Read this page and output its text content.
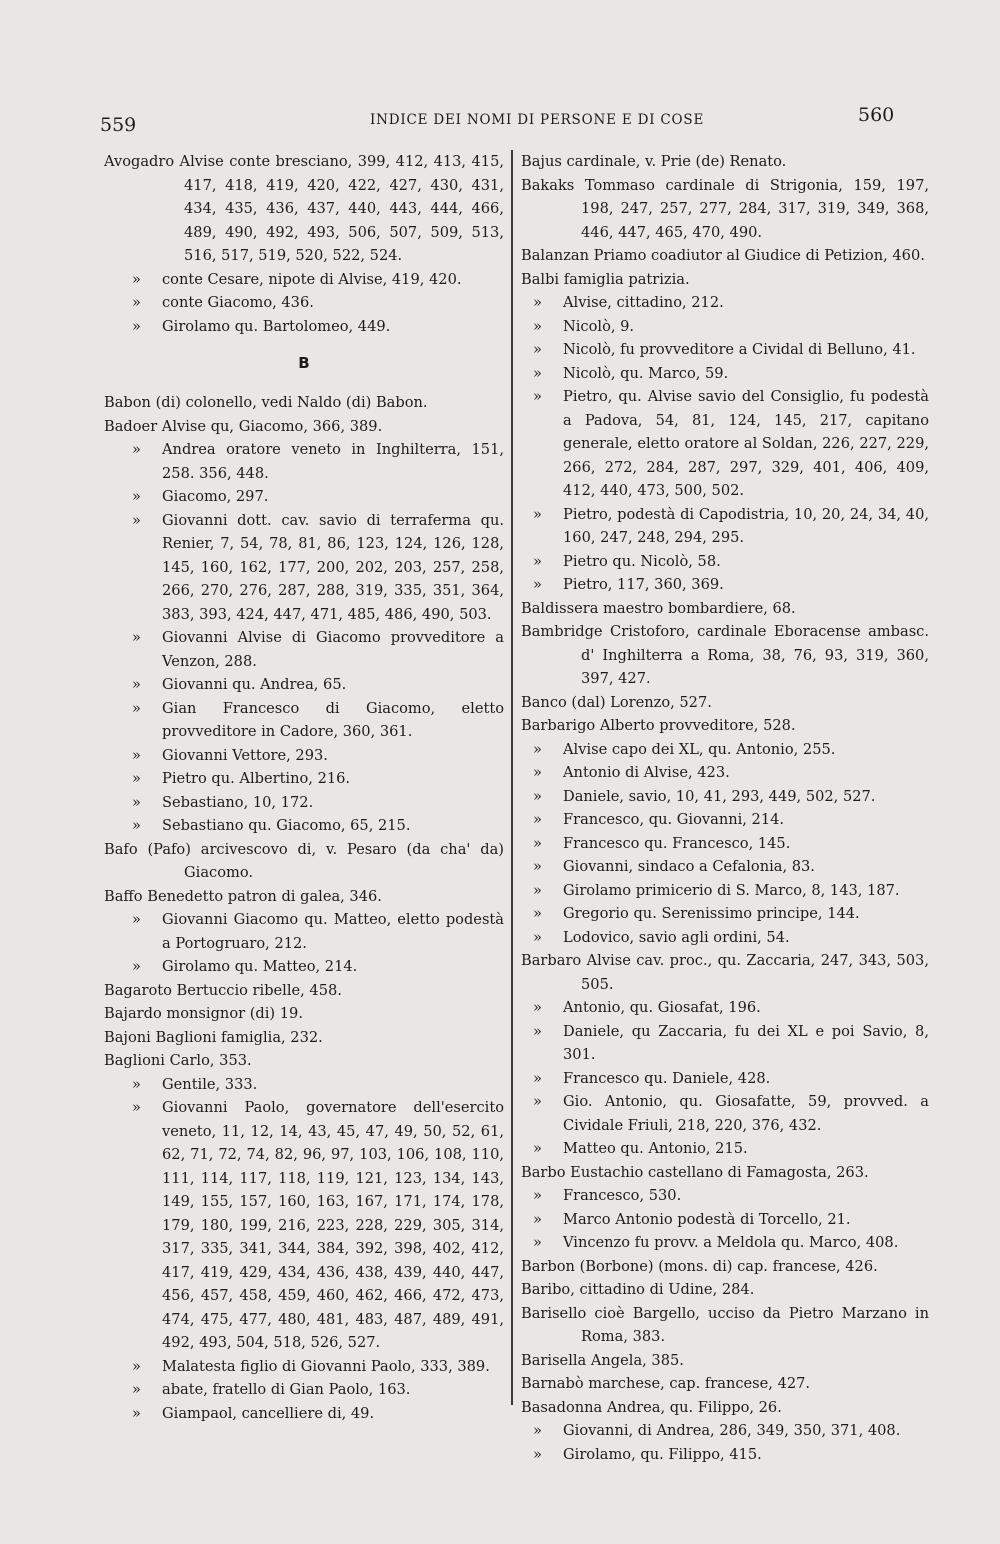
559	INDICE DEI NOMI DI PERSONE E DI COSE	560
Avogadro Alvise conte bresciano, 399, 412, 413, 415, 417, 418, 419, 420, 422, 427, 430, 431, 434, 435, 436, 437, 440, 443, 444, 466, 489, 490, 492, 493, 506, 507, 509, 513, 516, 517, 519, 520, 522, 524.
» conte Cesare, nipote di Alvise, 419, 420.
» conte Giacomo, 436.
» Girolamo qu. Bartolomeo, 449.
B
Babon (di) colonello, vedi Naldo (di) Babon.
Badoer Alvise qu, Giacomo, 366, 389.
» Andrea oratore veneto in Inghilterra, 151, 258. 356, 448.
» Giacomo, 297.
» Giovanni dott. cav. savio di terraferma qu. Renier, 7, 54, 78, 81, 86, 123, 124, 126, 128, 145, 160, 162, 177, 200, 202, 203, 257, 258, 266, 270, 276, 287, 288, 319, 335, 351, 364, 383, 393, 424, 447, 471, 485, 486, 490, 503.
» Giovanni Alvise di Giacomo provveditore a Venzon, 288.
» Giovanni qu. Andrea, 65.
» Gian Francesco di Giacomo, eletto provveditore in Cadore, 360, 361.
» Giovanni Vettore, 293.
» Pietro qu. Albertino, 216.
» Sebastiano, 10, 172.
» Sebastiano qu. Giacomo, 65, 215.
Bafo (Pafo) arcivescovo di, v. Pesaro (da cha' da) Giacomo.
Baffo Benedetto patron di galea, 346.
» Giovanni Giacomo qu. Matteo, eletto podestà a Portogruaro, 212.
» Girolamo qu. Matteo, 214.
Bagaroto Bertuccio ribelle, 458.
Bajardo monsignor (di) 19.
Bajoni Baglioni famiglia, 232.
Baglioni Carlo, 353.
» Gentile, 333.
» Giovanni Paolo, governatore dell'esercito veneto, 11, 12, 14, 43, 45, 47, 49, 50, 52, 61, 62, 71, 72, 74, 82, 96, 97, 103, 106, 108, 110, 111, 114, 117, 118, 119, 121, 123, 134, 143, 149, 155, 157, 160, 163, 167, 171, 174, 178, 179, 180, 199, 216, 223, 228, 229, 305, 314, 317, 335, 341, 344, 384, 392, 398, 402, 412, 417, 419, 429, 434, 436, 438, 439, 440, 447, 456, 457, 458, 459, 460, 462, 466, 472, 473, 474, 475, 477, 480, 481, 483, 487, 489, 491, 492, 493, 504, 518, 526, 527.
» Malatesta figlio di Giovanni Paolo, 333, 389.
» abate, fratello di Gian Paolo, 163.
» Giampaol, cancelliere di, 49.
Bajus cardinale, v. Prie (de) Renato.
Bakaks Tommaso cardinale di Strigonia, 159, 197, 198, 247, 257, 277, 284, 317, 319, 349, 368, 446, 447, 465, 470, 490.
Balanzan Priamo coadiutor al Giudice di Petizion, 460.
Balbi famiglia patrizia.
» Alvise, cittadino, 212.
» Nicolò, 9.
» Nicolò, fu provveditore a Cividal di Belluno, 41.
» Nicolò, qu. Marco, 59.
» Pietro, qu. Alvise savio del Consiglio, fu podestà a Padova, 54, 81, 124, 145, 217, capitano generale, eletto oratore al Soldan, 226, 227, 229, 266, 272, 284, 287, 297, 329, 401, 406, 409, 412, 440, 473, 500, 502.
» Pietro, podestà di Capodistria, 10, 20, 24, 34, 40, 160, 247, 248, 294, 295.
» Pietro qu. Nicolò, 58.
» Pietro, 117, 360, 369.
Baldissera maestro bombardiere, 68.
Bambridge Cristoforo, cardinale Eboracense ambasc. d' Inghilterra a Roma, 38, 76, 93, 319, 360, 397, 427.
Banco (dal) Lorenzo, 527.
Barbarigo Alberto provveditore, 528.
» Alvise capo dei XL, qu. Antonio, 255.
» Antonio di Alvise, 423.
» Daniele, savio, 10, 41, 293, 449, 502, 527.
» Francesco, qu. Giovanni, 214.
» Francesco qu. Francesco, 145.
» Giovanni, sindaco a Cefalonia, 83.
» Girolamo primicerio di S. Marco, 8, 143, 187.
» Gregorio qu. Serenissimo principe, 144.
» Lodovico, savio agli ordini, 54.
Barbaro Alvise cav. proc., qu. Zaccaria, 247, 343, 503, 505.
» Antonio, qu. Giosafat, 196.
» Daniele, qu Zaccaria, fu dei XL e poi Savio, 8, 301.
» Francesco qu. Daniele, 428.
» Gio. Antonio, qu. Giosafatte, 59, provved. a Cividale Friuli, 218, 220, 376, 432.
» Matteo qu. Antonio, 215.
Barbo Eustachio castellano di Famagosta, 263.
» Francesco, 530.
» Marco Antonio podestà di Torcello, 21.
» Vincenzo fu provv. a Meldola qu. Marco, 408.
Barbon (Borbone) (mons. di) cap. francese, 426.
Baribo, cittadino di Udine, 284.
Barisello cioè Bargello, ucciso da Pietro Marzano in Roma, 383.
Barisella Angela, 385.
Barnabò marchese, cap. francese, 427.
Basadonna Andrea, qu. Filippo, 26.
» Giovanni, di Andrea, 286, 349, 350, 371, 408.
» Girolamo, qu. Filippo, 415.
